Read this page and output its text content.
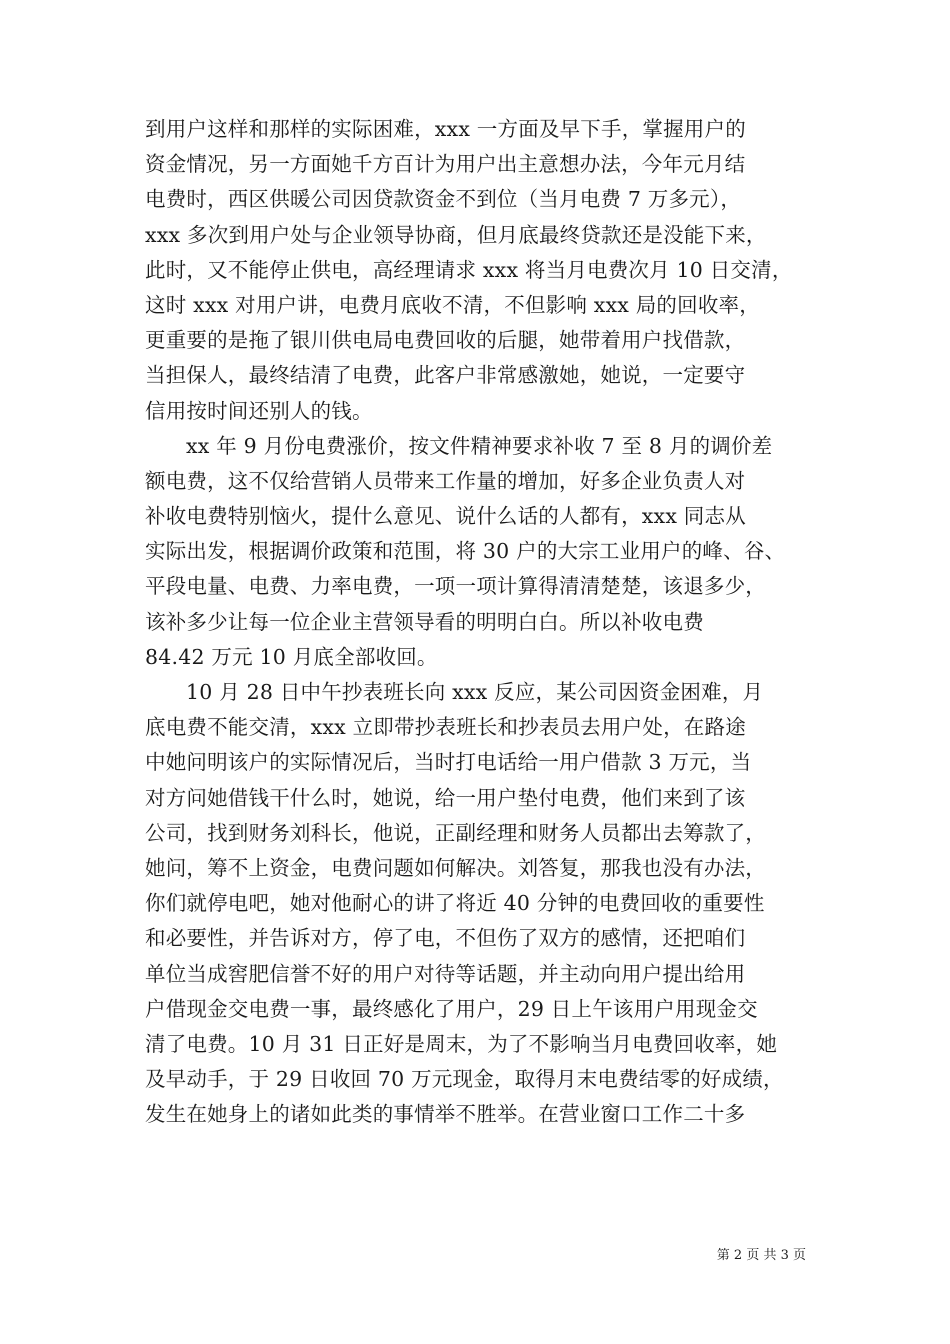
到用户这样和那样的实际困难，xxx 一方面及早下手，掌握用户的
资金情况，另一方面她千方百计为用户出主意想办法，今年元月结
电费时，西区供暖公司因贷款资金不到位（当月电费 7 万多元），
xxx 多次到用户处与企业领导协商，但月底最终贷款还是没能下来，
此时，又不能停止供电，高经理请求 xxx 将当月电费次月 10 日交清，
这时 xxx 对用户讲，电费月底收不清，不但影响 xxx 局的回收率，
更重要的是拖了银川供电局电费回收的后腿，她带着用户找借款，
当担保人，最终结清了电费，此客户非常感激她，她说，一定要守
信用按时间还别人的钱。
xx 年 9 月份电费涨价，按文件精神要求补收 7 至 8 月的调价差
额电费，这不仅给营销人员带来工作量的增加，好多企业负责人对
补收电费特别恼火，提什么意见、说什么话的人都有，xxx 同志从
实际出发，根据调价政策和范围，将 30 户的大宗工业用户的峰、谷、
平段电量、电费、力率电费，一项一项计算得清清楚楚，该退多少，
该补多少让每一位企业主营领导看的明明白白。所以补收电费
84.42 万元 10 月底全部收回。
10 月 28 日中午抄表班长向 xxx 反应，某公司因资金困难，月
底电费不能交清，xxx 立即带抄表班长和抄表员去用户处，在路途
中她问明该户的实际情况后，当时打电话给一用户借款 3 万元，当
对方问她借钱干什么时，她说，给一用户垫付电费，他们来到了该
公司，找到财务刘科长，他说，正副经理和财务人员都出去筹款了，
她问，筹不上资金，电费问题如何解决。刘答复，那我也没有办法，
你们就停电吧，她对他耐心的讲了将近 40 分钟的电费回收的重要性
和必要性，并告诉对方，停了电，不但伤了双方的感情，还把咱们
单位当成窖肥信誉不好的用户对待等话题，并主动向用户提出给用
户借现金交电费一事，最终感化了用户，29 日上午该用户用现金交
清了电费。10 月 31 日正好是周末，为了不影响当月电费回收率，她
及早动手，于 29 日收回 70 万元现金，取得月末电费结零的好成绩，
发生在她身上的诸如此类的事情举不胜举。在营业窗口工作二十多
第 2 页 共 3 页
